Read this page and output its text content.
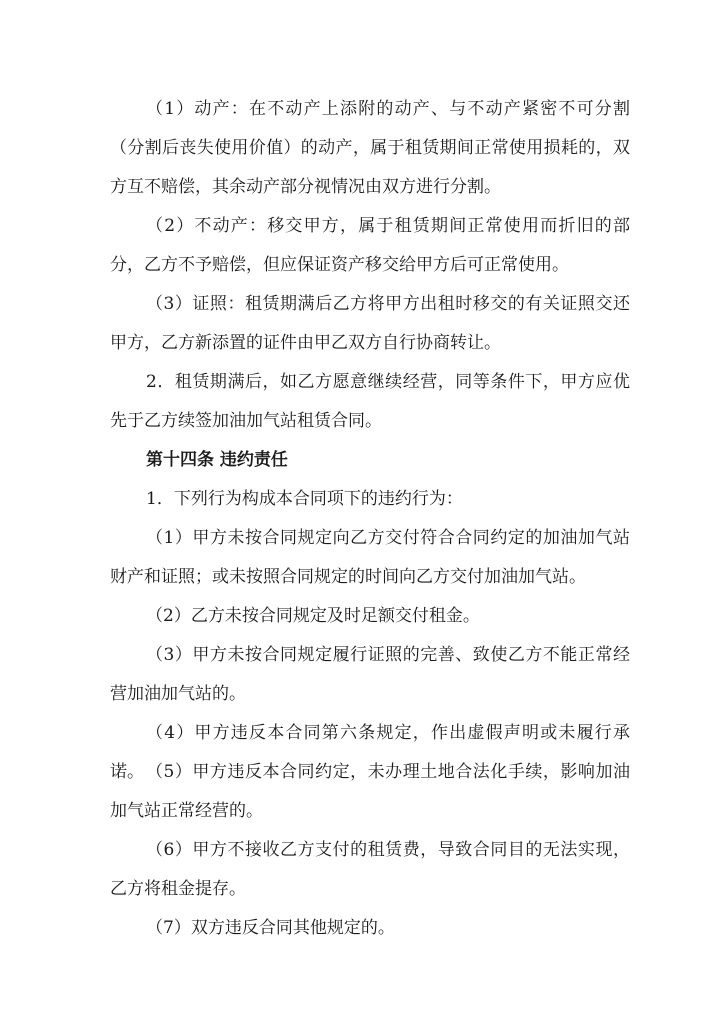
（1）动产：在不动产上添附的动产、与不动产紧密不可分割（分割后丧失使用价值）的动产，属于租赁期间正常使用损耗的，双方互不赔偿，其余动产部分视情况由双方进行分割。

（2）不动产：移交甲方，属于租赁期间正常使用而折旧的部分，乙方不予赔偿，但应保证资产移交给甲方后可正常使用。

（3）证照：租赁期满后乙方将甲方出租时移交的有关证照交还甲方，乙方新添置的证件由甲乙双方自行协商转让。

2．租赁期满后，如乙方愿意继续经营，同等条件下，甲方应优先于乙方续签加油加气站租赁合同。

第十四条 违约责任

1．下列行为构成本合同项下的违约行为：

（1）甲方未按合同规定向乙方交付符合合同约定的加油加气站财产和证照；或未按照合同规定的时间向乙方交付加油加气站。

（2）乙方未按合同规定及时足额交付租金。

（3）甲方未按合同规定履行证照的完善、致使乙方不能正常经营加油加气站的。

（4）甲方违反本合同第六条规定，作出虚假声明或未履行承诺。 （5）甲方违反本合同约定，未办理土地合法化手续，影响加油加气站正常经营的。

（6）甲方不接收乙方支付的租赁费，导致合同目的无法实现，乙方将租金提存。

（7）双方违反合同其他规定的。
